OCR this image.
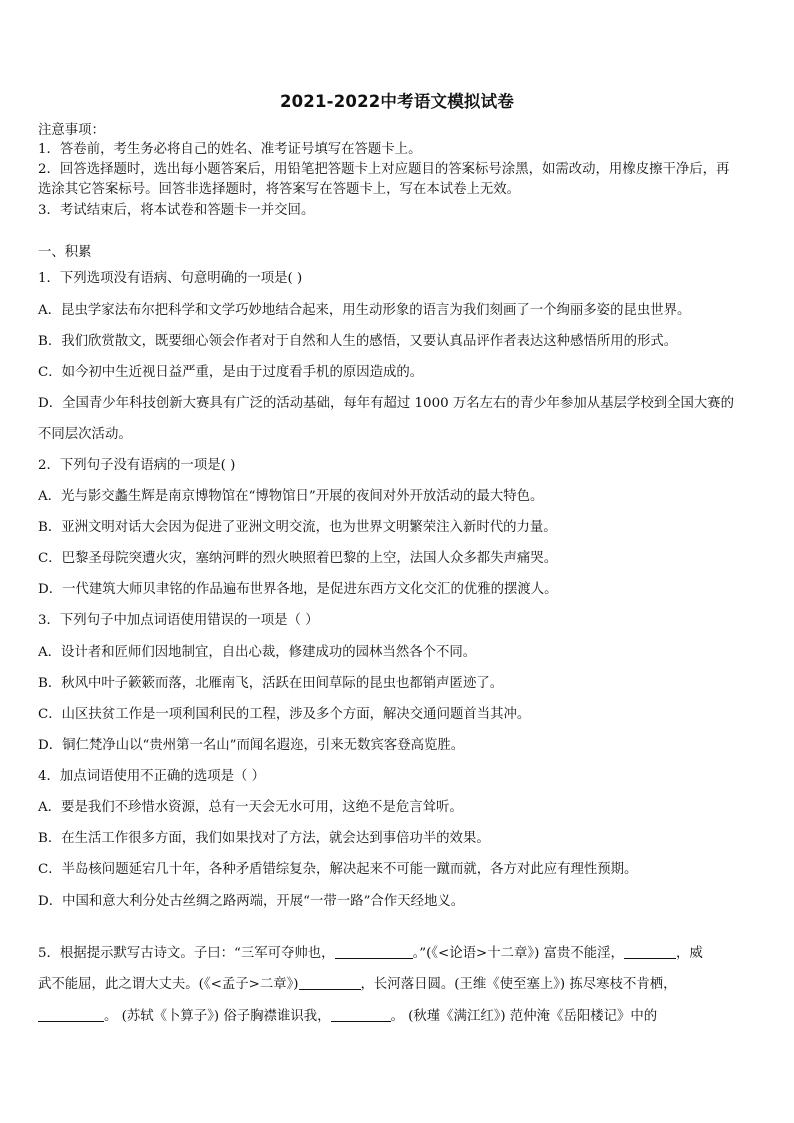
2021-2022中考语文模拟试卷
注意事项：
1．答卷前，考生务必将自己的姓名、准考证号填写在答题卡上。
2．回答选择题时，选出每小题答案后，用铅笔把答题卡上对应题目的答案标号涂黑，如需改动，用橡皮擦干净后，再
选涂其它答案标号。回答非选择题时，将答案写在答题卡上，写在本试卷上无效。
3．考试结束后，将本试卷和答题卡一并交回。
一、积累
1．下列选项没有语病、句意明确的一项是( )
A．昆虫学家法布尔把科学和文学巧妙地结合起来，用生动形象的语言为我们刻画了一个绚丽多姿的昆虫世界。
B．我们欣赏散文，既要细心领会作者对于自然和人生的感悟，又要认真品评作者表达这种感悟所用的形式。
C．如今初中生近视日益严重，是由于过度看手机的原因造成的。
D．全国青少年科技创新大赛具有广泛的活动基础，每年有超过 1000 万名左右的青少年参加从基层学校到全国大赛的
不同层次活动。
2．下列句子没有语病的一项是( )
A．光与影交蠡生辉是南京博物馆在“博物馆日”开展的夜间对外开放活动的最大特色。
B．亚洲文明对话大会因为促进了亚洲文明交流，也为世界文明繁荣注入新时代的力量。
C．巴黎圣母院突遭火灾，塞纳河畔的烈火映照着巴黎的上空，法国人众多都失声痛哭。
D．一代建筑大师贝聿铭的作品遍布世界各地，是促进东西方文化交汇的优雅的摆渡人。
3．下列句子中加点词语使用错误的一项是（ ）
A．设计者和匠师们因地制宜，自出心裁，修建成功的园林当然各个不同。
B．秋风中叶子簌簌而落，北雁南飞，活跃在田间草际的昆虫也都销声匿迹了。
C．山区扶贫工作是一项利国利民的工程，涉及多个方面，解决交通问题首当其冲。
D．铜仁梵净山以“贵州第一名山”而闻名遐迩，引来无数宾客登高览胜。
4．加点词语使用不正确的选项是（ ）
A．要是我们不珍惜水资源，总有一天会无水可用，这绝不是危言耸听。
B．在生活工作很多方面，我们如果找对了方法，就会达到事倍功半的效果。
C．半岛核问题延宕几十年，各种矛盾错综复杂，解决起来不可能一蹴而就，各方对此应有理性预期。
D．中国和意大利分处古丝绸之路两端，开展“一带一路”合作天经地义。
5．根据提示默写古诗文。子曰：“三军可夺帅也，	。”(《<论语>十二章》) 富贵不能淫，	，威
武不能屈，此之谓大丈夫。(《<孟子>二章》)	，长河落日圆。(王维《使至塞上》) 拣尽寒枝不肯栖，
。 (苏轼《卜算子》) 俗子胸襟谁识我，	。 (秋瑾《满江红》) 范仲淹《岳阳楼记》中的
